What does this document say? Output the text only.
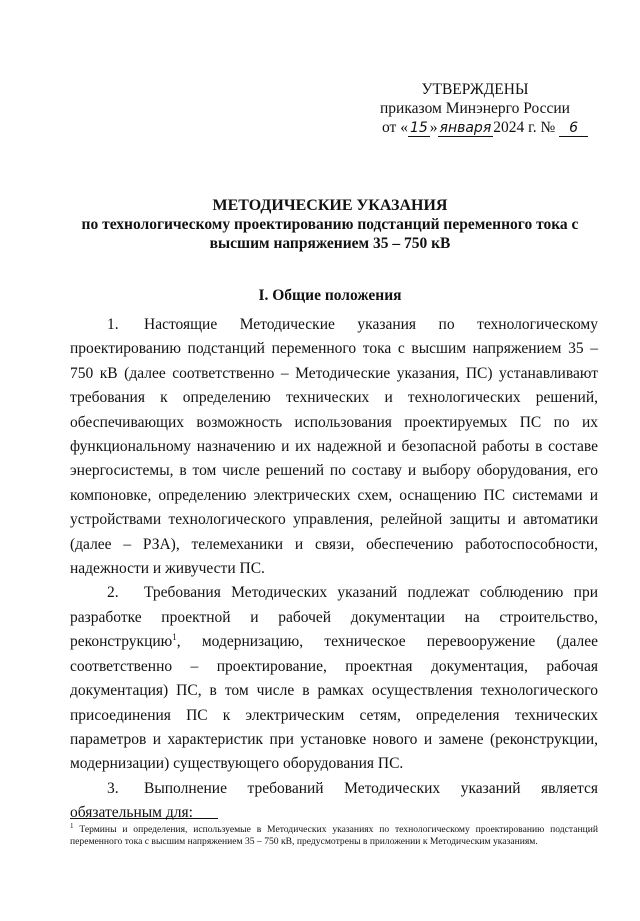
УТВЕРЖДЕНЫ
приказом Минэнерго России
от « 15 » января 2024 г. № 6
МЕТОДИЧЕСКИЕ УКАЗАНИЯ
по технологическому проектированию подстанций переменного тока с высшим напряжением 35 – 750 кВ
I. Общие положения

1. Настоящие Методические указания по технологическому проектированию подстанций переменного тока с высшим напряжением 35 – 750 кВ (далее соответственно – Методические указания, ПС) устанавливают требования к определению технических и технологических решений, обеспечивающих возможность использования проектируемых ПС по их функциональному назначению и их надежной и безопасной работы в составе энергосистемы, в том числе решений по составу и выбору оборудования, его компоновке, определению электрических схем, оснащению ПС системами и устройствами технологического управления, релейной защиты и автоматики (далее – РЗА), телемеханики и связи, обеспечению работоспособности, надежности и живучести ПС.

2. Требования Методических указаний подлежат соблюдению при разработке проектной и рабочей документации на строительство, реконструкцию$^1$, модернизацию, техническое перевооружение (далее соответственно – проектирование, проектная документация, рабочая документация) ПС, в том числе в рамках осуществления технологического присоединения ПС к электрическим сетям, определения технических параметров и характеристик при установке нового и замене (реконструкции, модернизации) существующего оборудования ПС.

3. Выполнение требований Методических указаний является обязательным для:

$^1$ Термины и определения, используемые в Методических указаниях по технологическому проектированию подстанций переменного тока с высшим напряжением 35 – 750 кВ, предусмотрены в приложении к Методическим указаниям.
